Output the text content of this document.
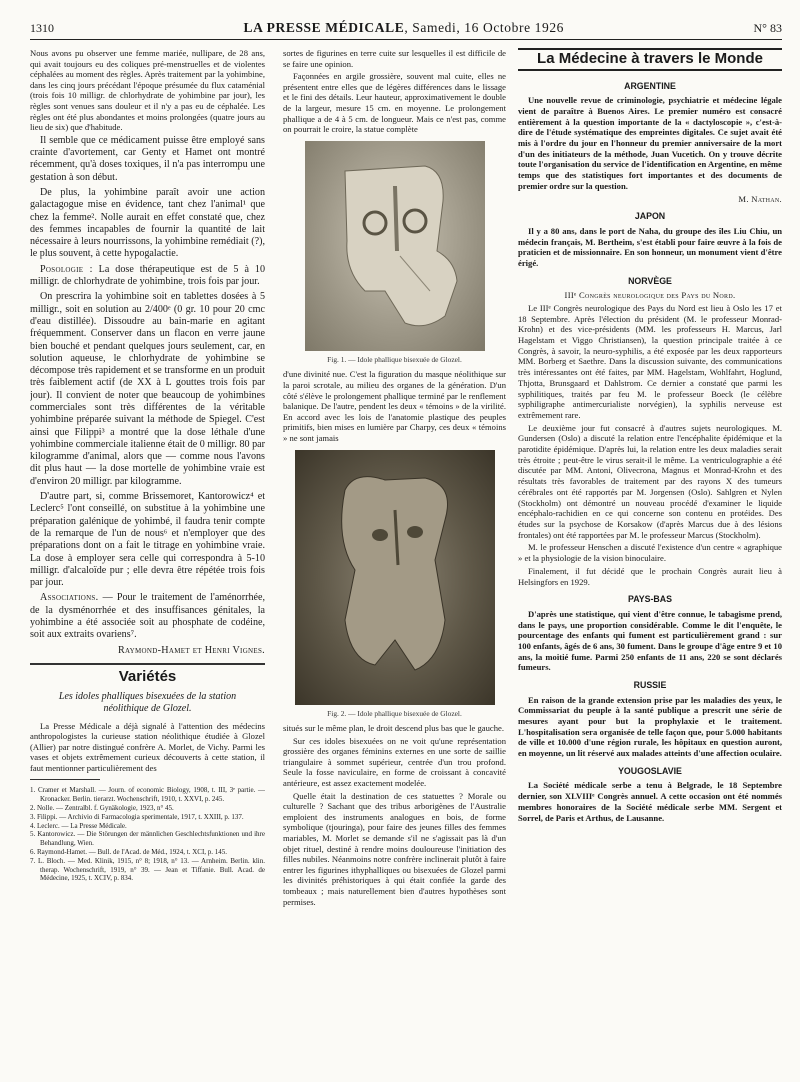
1310	LA PRESSE MÉDICALE, Samedi, 16 Octobre 1926	N° 83

Nous avons pu observer une femme mariée, nullipare, de 28 ans, qui avait toujours eu des coliques pré-menstruelles et de violentes céphalées au moment des règles. Après traitement par la yohimbine, dans les cinq jours précédant l'époque présumée du flux cataménial (trois fois 10 milligr. de chlorhydrate de yohimbine par jour), les règles sont venues sans douleur et il n'y a pas eu de céphalée. Les règles ont été plus abondantes et moins prolongées (quatre jours au lieu de six) que d'habitude.

Il semble que ce médicament puisse être employé sans crainte d'avortement, car Genty et Hamet ont montré récemment, qu'à doses toxiques, il n'a pas interrompu une gestation à son début.

De plus, la yohimbine paraît avoir une action galactagogue mise en évidence, tant chez l'animal¹ que chez la femme². Nolle aurait en effet constaté que, chez des femmes incapables de fournir la quantité de lait nécessaire à leurs nourrissons, la yohimbine remédiait (?), le plus souvent, à cette hypogalactie.

Posologie : La dose thérapeutique est de 5 à 10 milligr. de chlorhydrate de yohimbine, trois fois par jour.

On prescrira la yohimbine soit en tablettes dosées à 5 milligr., soit en solution au 2/400ᵉ (0 gr. 10 pour 20 cmc d'eau distillée). Dissoudre au bain-marie en agitant fréquemment. Conserver dans un flacon en verre jaune bien bouché et pendant quelques jours seulement, car, en solution aqueuse, le chlorhydrate de yohimbine se décompose très rapidement et se transforme en un produit très faiblement actif (de XX à L gouttes trois fois par jour). Il convient de noter que beaucoup de yohimbines commerciales sont très différentes de la véritable yohimbine préparée suivant la méthode de Spiegel. C'est ainsi que Filippi³ a montré que la dose léthale d'une yohimbine commerciale italienne était de 0 milligr. 80 par kilogramme d'animal, alors que — comme nous l'avons dit plus haut — la dose mortelle de yohimbine vraie est d'environ 20 milligr. par kilogramme.

D'autre part, si, comme Brissemoret, Kantorowicz⁴ et Leclerc⁵ l'ont conseillé, on substitue à la yohimbine une préparation galénique de yohimbé, il faudra tenir compte de la remarque de l'un de nous⁶ et n'employer que des préparations dont on a fait le titrage en yohimbine vraie. La dose à employer sera celle qui correspondra à 5-10 milligr. d'alcaloïde pur ; elle devra être répétée trois fois par jour.

Associations. — Pour le traitement de l'aménorrhée, de la dysménorrhée et des insuffisances génitales, la yohimbine a été associée soit au phosphate de codéine, soit aux extraits ovariens⁷.

Raymond-Hamet et Henri Vignes.

Variétés
Les idoles phalliques bisexuées de la station néolithique de Glozel.

La Presse Médicale a déjà signalé à l'attention des médecins anthropologistes la curieuse station néolithique étudiée à Glozel (Allier) par notre distingué confrère A. Morlet, de Vichy. Parmi les vases et objets extrêmement curieux découverts à cette station, il faut mentionner particulièrement des

1. Cramer et Marshall. — Journ. of economic Biology, 1908, t. III, 3ᵉ partie. — Kronacker. Berlin. tierarzt. Wochenschrift, 1910, t. XXVI, p. 245.
2. Nolle. — Zentralbl. f. Gynäkologie, 1923, n° 45.
3. Filippi. — Archivio di Farmacologia sperimentale, 1917, t. XXIII, p. 137.
4. Leclerc. — La Presse Médicale.
5. Kantorowicz. — Die Störungen der männlichen Geschlechtsfunktionen und ihre Behandlung, Wien.
6. Raymond-Hamet. — Bull. de l'Acad. de Méd., 1924, t. XCI, p. 145.
7. L. Bloch. — Med. Klinik, 1915, n° 8; 1918, n° 13. — Arnheim. Berlin. klin. therap. Wochenschrift, 1919, n° 39. — Jean et Tiffanie. Bull. Acad. de Médecine, 1925, t. XCIV, p. 834.

sortes de figurines en terre cuite sur lesquelles il est difficile de se faire une opinion.

Façonnées en argile grossière, souvent mal cuite, elles ne présentent entre elles que de légères différences dans le lissage et le fini des détails. Leur hauteur, approximativement le double de la largeur, mesure 15 cm. en moyenne. Le prolongement phallique a de 4 à 5 cm. de longueur. Mais ce n'est pas, comme on pourrait le croire, la statue complète

Fig. 1. — Idole phallique bisexuée de Glozel.

d'une divinité nue. C'est la figuration du masque néolithique sur la paroi scrotale, au milieu des organes de la génération. D'un côté s'élève le prolongement phallique terminé par le renflement balanique. De l'autre, pendent les deux « témoins » de la virilité. En accord avec les lois de l'anatomie plastique des peuples primitifs, bien mises en lumière par Charpy, ces deux « témoins » ne sont jamais

Fig. 2. — Idole phallique bisexuée de Glozel.

situés sur le même plan, le droit descend plus bas que le gauche.

Sur ces idoles bisexuées on ne voit qu'une représentation grossière des organes féminins externes en une sorte de saillie triangulaire à sommet supérieur, centrée d'un trou profond. Seule la fosse naviculaire, en forme de croissant à concavité antérieure, est assez exactement modelée.

Quelle était la destination de ces statuettes ? Morale ou culturelle ? Sachant que des tribus arborigènes de l'Australie emploient des instruments analogues en bois, de forme symbolique (tjouringa), pour faire des jeunes filles des femmes mariables, M. Morlet se demande s'il ne s'agissait pas là d'un objet rituel, destiné à rendre moins douloureuse l'initiation des filles nubiles. Néanmoins notre confrère inclinerait plutôt à faire entrer les figurines ithyphalliques ou bisexuées de Glozel parmi les divinités préhistoriques à qui était confiée la garde des tombeaux ; mais naturellement bien d'autres hypothèses sont permises.

La Médecine à travers le Monde
ARGENTINE

Une nouvelle revue de criminologie, psychiatrie et médecine légale vient de paraître à Buenos Aires. Le premier numéro est consacré entièrement à la question importante de la « dactyloscopie », c'est-à-dire de l'étude systématique des empreintes digitales. Ce sujet avait été mis à l'ordre du jour en l'honneur du premier anniversaire de la mort d'un des initiateurs de la méthode, Juan Vucetich. On y trouve décrite toute l'organisation du service de l'identification en Argentine, en même temps que des statistiques fort importantes et des documents de premier ordre sur la question.

M. Nathan.

JAPON

Il y a 80 ans, dans le port de Naha, du groupe des îles Liu Chiu, un médecin français, M. Bertheim, s'est établi pour faire œuvre à la fois de praticien et de missionnaire. En son honneur, un monument vient d'être érigé.

NORVÈGE

IIIᵉ Congrès neurologique des Pays du Nord.

Le IIIᵉ Congrès neurologique des Pays du Nord est lieu à Oslo les 17 et 18 Septembre. Après l'élection du président (M. le professeur Monrad-Krohn) et des vice-présidents (MM. les professeurs H. Marcus, Jarl Hagelstam et Viggo Christiansen), la question principale traitée à ce Congrès, à savoir, la neuro-syphilis, a été exposée par les deux rapporteurs MM. Borberg et Saethre. Dans la discussion suivante, des communications très intéressantes ont été faites, par MM. Hagelstam, Wohlfahrt, Hoglund, Thjotta, Brunsgaard et Dahlstrom. Ce dernier a constaté que parmi les syphilitiques, traités par feu M. le professeur Boeck (le célèbre syphiligraphe antimercurialiste norvégien), la syphilis nerveuse est extrêmement rare.

Le deuxième jour fut consacré à d'autres sujets neurologiques. M. Gundersen (Oslo) a discuté la relation entre l'encéphalite épidémique et la parotidite épidémique. D'après lui, la relation entre les deux maladies serait très étroite ; peut-être le virus serait-il le même. La ventriculographie a été discutée par MM. Antoni, Olivecrona, Magnus et Monrad-Krohn et des résultats très favorables de traitement par des rayons X des tumeurs cérébrales ont été rapportés par M. Jorgensen (Oslo). Sahlgren et Nylen (Stockholm) ont démontré un nouveau procédé d'examiner le liquide encéphalo-rachidien en ce qui concerne son contenu en protéides. Des études sur la psychose de Korsakow (d'après Marcus due à des lésions frontales) ont été rapportées par M. le professeur Marcus (Stockholm).

M. le professeur Henschen a discuté l'existence d'un centre « agraphique » et la physiologie de la vision binoculaire.

Finalement, il fut décidé que le prochain Congrès aurait lieu à Helsingfors en 1929.

PAYS-BAS

D'après une statistique, qui vient d'être connue, le tabagisme prend, dans le pays, une proportion considérable. Comme le dit l'enquête, le pourcentage des enfants qui fument est particulièrement grand : sur 100 enfants, âgés de 6 ans, 30 fument. Dans le groupe d'âge entre 9 et 10 ans, la moitié fume. Parmi 250 enfants de 11 ans, 220 se sont déclarés fumeurs.

RUSSIE

En raison de la grande extension prise par les maladies des yeux, le Commissariat du peuple à la santé publique a prescrit une série de mesures ayant pour but la prophylaxie et le traitement. L'hospitalisation sera organisée de telle façon que, pour 5.000 habitants de ville et 10.000 d'une région rurale, les hôpitaux en question auront, en moyenne, un lit réservé aux malades atteints d'une affection oculaire.

YOUGOSLAVIE

La Société médicale serbe a tenu à Belgrade, le 18 Septembre dernier, son XLVIIIᵉ Congrès annuel. A cette occasion ont été nommés membres honoraires de la Société médicale serbe MM. Sergent et Sorrel, de Paris et Arthus, de Lausanne.
